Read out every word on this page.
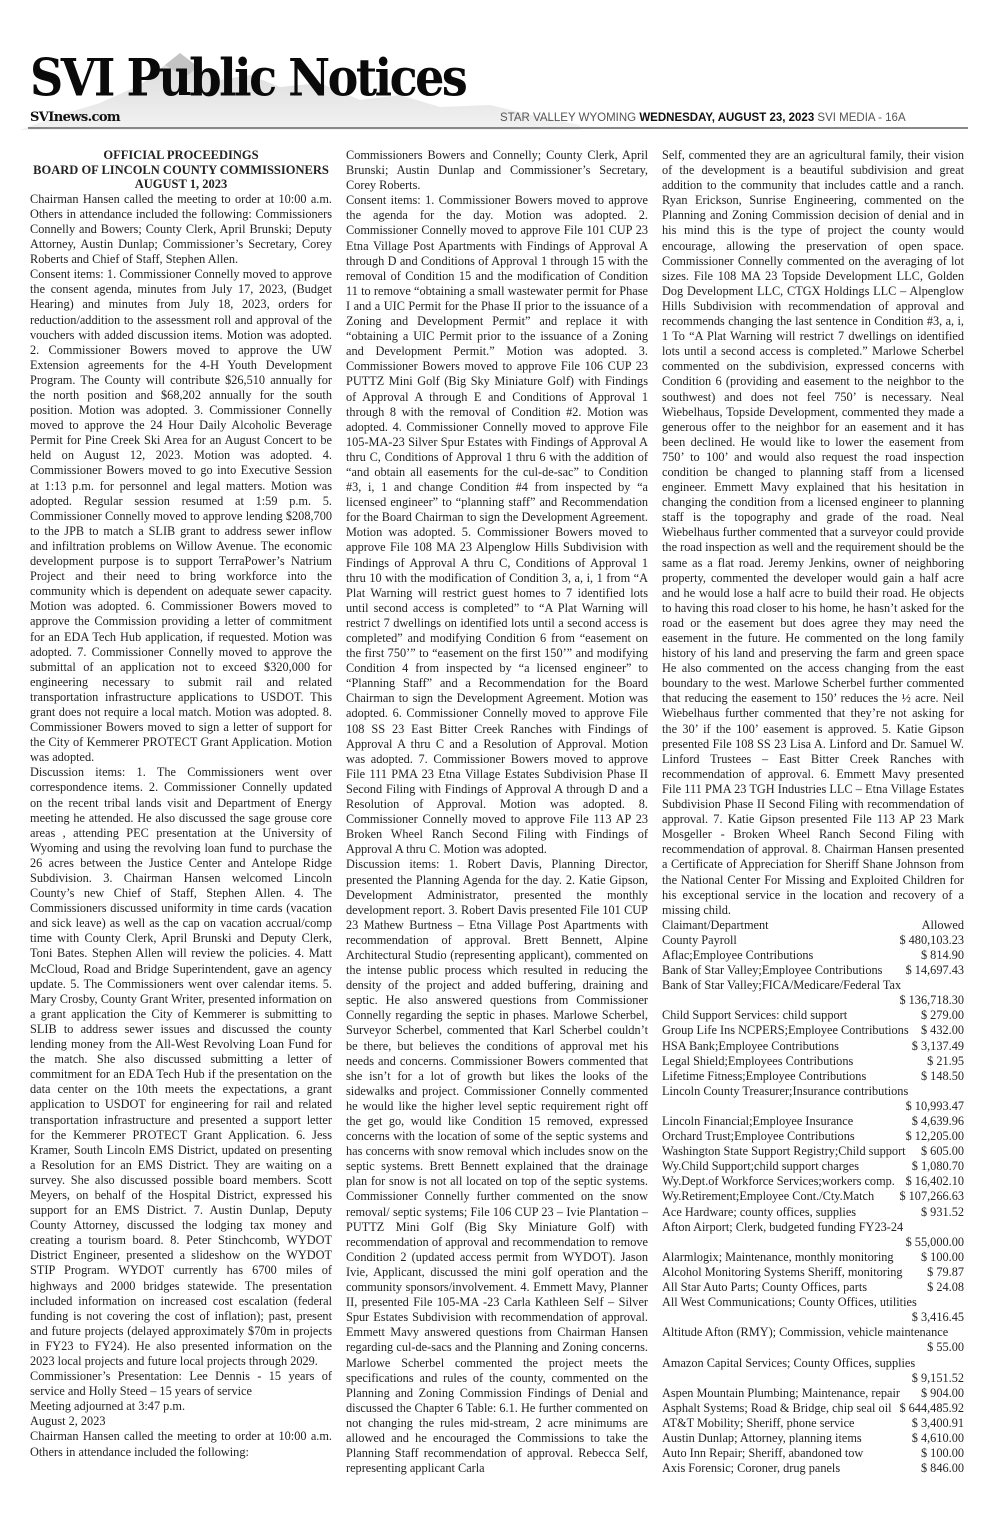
SVI Public Notices
SVInews.com	STAR VALLEY WYOMING WEDNESDAY, AUGUST 23, 2023 SVI MEDIA - 16A
OFFICIAL PROCEEDINGS
BOARD OF LINCOLN COUNTY COMMISSIONERS
AUGUST 1, 2023

Chairman Hansen called the meeting to order at 10:00 a.m. Others in attendance included the following: Commissioners Connelly and Bowers; County Clerk, April Brunski; Deputy Attorney, Austin Dunlap; Commissioner’s Secretary, Corey Roberts and Chief of Staff, Stephen Allen.

Consent items: 1. Commissioner Connelly moved to approve the consent agenda, minutes from July 17, 2023, (Budget Hearing) and minutes from July 18, 2023, orders for reduction/addition to the assessment roll and approval of the vouchers with added discussion items. Motion was adopted. 2. Commissioner Bowers moved to approve the UW Extension agreements for the 4-H Youth Development Program. The County will contribute $26,510 annually for the north position and $68,202 annually for the south position. Motion was adopted. 3. Commissioner Connelly moved to approve the 24 Hour Daily Alcoholic Beverage Permit for Pine Creek Ski Area for an August Concert to be held on August 12, 2023. Motion was adopted. 4. Commissioner Bowers moved to go into Executive Session at 1:13 p.m. for personnel and legal matters. Motion was adopted. Regular session resumed at 1:59 p.m. 5. Commissioner Connelly moved to approve lending $208,700 to the JPB to match a SLIB grant to address sewer inflow and infiltration problems on Willow Avenue. The economic development purpose is to support TerraPower’s Natrium Project and their need to bring workforce into the community which is dependent on adequate sewer capacity. Motion was adopted. 6. Commissioner Bowers moved to approve the Commission providing a letter of commitment for an EDA Tech Hub application, if requested. Motion was adopted. 7. Commissioner Connelly moved to approve the submittal of an application not to exceed $320,000 for engineering necessary to submit rail and related transportation infrastructure applications to USDOT. This grant does not require a local match. Motion was adopted. 8. Commissioner Bowers moved to sign a letter of support for the City of Kemmerer PROTECT Grant Application. Motion was adopted.

Discussion items: 1. The Commissioners went over correspondence items. 2. Commissioner Connelly updated on the recent tribal lands visit and Department of Energy meeting he attended. He also discussed the sage grouse core areas , attending PEC presentation at the University of Wyoming and using the revolving loan fund to purchase the 26 acres between the Justice Center and Antelope Ridge Subdivision. 3. Chairman Hansen welcomed Lincoln County’s new Chief of Staff, Stephen Allen. 4. The Commissioners discussed uniformity in time cards (vacation and sick leave) as well as the cap on vacation accrual/comp time with County Clerk, April Brunski and Deputy Clerk, Toni Bates. Stephen Allen will review the policies. 4. Matt McCloud, Road and Bridge Superintendent, gave an agency update. 5. The Commissioners went over calendar items. 5. Mary Crosby, County Grant Writer, presented information on a grant application the City of Kemmerer is submitting to SLIB to address sewer issues and discussed the county lending money from the All-West Revolving Loan Fund for the match. She also discussed submitting a letter of commitment for an EDA Tech Hub if the presentation on the data center on the 10th meets the expectations, a grant application to USDOT for engineering for rail and related transportation infrastructure and presented a support letter for the Kemmerer PROTECT Grant Application. 6. Jess Kramer, South Lincoln EMS District, updated on presenting a Resolution for an EMS District. They are waiting on a survey. She also discussed possible board members. Scott Meyers, on behalf of the Hospital District, expressed his support for an EMS District. 7. Austin Dunlap, Deputy County Attorney, discussed the lodging tax money and creating a tourism board. 8. Peter Stinchcomb, WYDOT District Engineer, presented a slideshow on the WYDOT STIP Program. WYDOT currently has 6700 miles of highways and 2000 bridges statewide. The presentation included information on increased cost escalation (federal funding is not covering the cost of inflation); past, present and future projects (delayed approximately $70m in projects in FY23 to FY24). He also presented information on the 2023 local projects and future local projects through 2029.

Commissioner’s Presentation: Lee Dennis - 15 years of service and Holly Steed – 15 years of service

Meeting adjourned at 3:47 p.m.

August 2, 2023

Chairman Hansen called the meeting to order at 10:00 a.m. Others in attendance included the following:

Commissioners Bowers and Connelly; County Clerk, April Brunski; Austin Dunlap and Commissioner’s Secretary, Corey Roberts.

Consent items: 1. Commissioner Bowers moved to approve the agenda for the day. Motion was adopted. 2. Commissioner Connelly moved to approve File 101 CUP 23 Etna Village Post Apartments with Findings of Approval A through D and Conditions of Approval 1 through 15 with the removal of Condition 15 and the modification of Condition 11 to remove “obtaining a small wastewater permit for Phase I and a UIC Permit for the Phase II prior to the issuance of a Zoning and Development Permit” and replace it with “obtaining a UIC Permit prior to the issuance of a Zoning and Development Permit.” Motion was adopted. 3. Commissioner Bowers moved to approve File 106 CUP 23 PUTTZ Mini Golf (Big Sky Miniature Golf) with Findings of Approval A through E and Conditions of Approval 1 through 8 with the removal of Condition #2. Motion was adopted. 4. Commissioner Connelly moved to approve File 105-MA-23 Silver Spur Estates with Findings of Approval A thru C, Conditions of Approval 1 thru 6 with the addition of “and obtain all easements for the cul-de-sac” to Condition #3, i, 1 and change Condition #4 from inspected by “a licensed engineer” to “planning staff” and Recommendation for the Board Chairman to sign the Development Agreement. Motion was adopted. 5. Commissioner Bowers moved to approve File 108 MA 23 Alpenglow Hills Subdivision with Findings of Approval A thru C, Conditions of Approval 1 thru 10 with the modification of Condition 3, a, i, 1 from “A Plat Warning will restrict guest homes to 7 identified lots until second access is completed” to “A Plat Warning will restrict 7 dwellings on identified lots until a second access is completed” and modifying Condition 6 from “easement on the first 750’” to “easement on the first 150’” and modifying Condition 4 from inspected by “a licensed engineer” to “Planning Staff” and a Recommendation for the Board Chairman to sign the Development Agreement. Motion was adopted. 6. Commissioner Connelly moved to approve File 108 SS 23 East Bitter Creek Ranches with Findings of Approval A thru C and a Resolution of Approval. Motion was adopted. 7. Commissioner Bowers moved to approve File 111 PMA 23 Etna Village Estates Subdivision Phase II Second Filing with Findings of Approval A through D and a Resolution of Approval. Motion was adopted. 8. Commissioner Connelly moved to approve File 113 AP 23 Broken Wheel Ranch Second Filing with Findings of Approval A thru C. Motion was adopted.

Discussion items: 1. Robert Davis, Planning Director, presented the Planning Agenda for the day. 2. Katie Gipson, Development Administrator, presented the monthly development report. 3. Robert Davis presented File 101 CUP 23 Mathew Burtness – Etna Village Post Apartments with recommendation of approval. Brett Bennett, Alpine Architectural Studio (representing applicant), commented on the intense public process which resulted in reducing the density of the project and added buffering, draining and septic. He also answered questions from Commissioner Connelly regarding the septic in phases. Marlowe Scherbel, Surveyor Scherbel, commented that Karl Scherbel couldn’t be there, but believes the conditions of approval met his needs and concerns. Commissioner Bowers commented that she isn’t for a lot of growth but likes the looks of the sidewalks and project. Commissioner Connelly commented he would like the higher level septic requirement right off the get go, would like Condition 15 removed, expressed concerns with the location of some of the septic systems and has concerns with snow removal which includes snow on the septic systems. Brett Bennett explained that the drainage plan for snow is not all located on top of the septic systems. Commissioner Connelly further commented on the snow removal/ septic systems; File 106 CUP 23 – Ivie Plantation – PUTTZ Mini Golf (Big Sky Miniature Golf) with recommendation of approval and recommendation to remove Condition 2 (updated access permit from WYDOT). Jason Ivie, Applicant, discussed the mini golf operation and the community sponsors/involvement. 4. Emmett Mavy, Planner II, presented File 105-MA -23 Carla Kathleen Self – Silver Spur Estates Subdivision with recommendation of approval. Emmett Mavy answered questions from Chairman Hansen regarding cul-de-sacs and the Planning and Zoning concerns. Marlowe Scherbel commented the project meets the specifications and rules of the county, commented on the Planning and Zoning Commission Findings of Denial and discussed the Chapter 6 Table: 6.1. He further commented on not changing the rules mid-stream, 2 acre minimums are allowed and he encouraged the Commissions to take the Planning Staff recommendation of approval. Rebecca Self, representing applicant Carla

Self, commented they are an agricultural family, their vision of the development is a beautiful subdivision and great addition to the community that includes cattle and a ranch. Ryan Erickson, Sunrise Engineering, commented on the Planning and Zoning Commission decision of denial and in his mind this is the type of project the county would encourage, allowing the preservation of open space. Commissioner Connelly commented on the averaging of lot sizes. File 108 MA 23 Topside Development LLC, Golden Dog Development LLC, CTGX Holdings LLC – Alpenglow Hills Subdivision with recommendation of approval and recommends changing the last sentence in Condition #3, a, i, 1 To “A Plat Warning will restrict 7 dwellings on identified lots until a second access is completed.” Marlowe Scherbel commented on the subdivision, expressed concerns with Condition 6 (providing and easement to the neighbor to the southwest) and does not feel 750’ is necessary. Neal Wiebelhaus, Topside Development, commented they made a generous offer to the neighbor for an easement and it has been declined. He would like to lower the easement from 750’ to 100’ and would also request the road inspection condition be changed to planning staff from a licensed engineer. Emmett Mavy explained that his hesitation in changing the condition from a licensed engineer to planning staff is the topography and grade of the road. Neal Wiebelhaus further commented that a surveyor could provide the road inspection as well and the requirement should be the same as a flat road. Jeremy Jenkins, owner of neighboring property, commented the developer would gain a half acre and he would lose a half acre to build their road. He objects to having this road closer to his home, he hasn’t asked for the road or the easement but does agree they may need the easement in the future. He commented on the long family history of his land and preserving the farm and green space He also commented on the access changing from the east boundary to the west. Marlowe Scherbel further commented that reducing the easement to 150’ reduces the ½ acre. Neil Wiebelhaus further commented that they’re not asking for the 30’ if the 100’ easement is approved. 5. Katie Gipson presented File 108 SS 23 Lisa A. Linford and Dr. Samuel W. Linford Trustees – East Bitter Creek Ranches with recommendation of approval. 6. Emmett Mavy presented File 111 PMA 23 TGH Industries LLC – Etna Village Estates Subdivision Phase II Second Filing with recommendation of approval. 7. Katie Gipson presented File 113 AP 23 Mark Mosgeller - Broken Wheel Ranch Second Filing with recommendation of approval. 8. Chairman Hansen presented a Certificate of Appreciation for Sheriff Shane Johnson from the National Center For Missing and Exploited Children for his exceptional service in the location and recovery of a missing child.

Claimant/Department	Allowed
County Payroll	$ 480,103.23
Aflac;Employee Contributions	$ 814.90
Bank of Star Valley;Employee Contributions	$ 14,697.43
Bank of Star Valley;FICA/Medicare/Federal Tax
$ 136,718.30
Child Support Services: child support	$ 279.00
Group Life Ins NCPERS;Employee Contributions	$ 432.00
HSA Bank;Employee Contributions	$ 3,137.49
Legal Shield;Employees Contributions	$ 21.95
Lifetime Fitness;Employee Contributions	$ 148.50
Lincoln County Treasurer;Insurance contributions
$ 10,993.47
Lincoln Financial;Employee Insurance	$ 4,639.96
Orchard Trust;Employee Contributions	$ 12,205.00
Washington State Support Registry;Child support	$ 605.00
Wy.Child Support;child support charges	$ 1,080.70
Wy.Dept.of Workforce Services;workers comp. $ 16,402.10
Wy.Retirement;Employee Cont./Cty.Match	$ 107,266.63
Ace Hardware; county offices, supplies	$ 931.52
Afton Airport; Clerk, budgeted funding FY23-24
$ 55,000.00
Alarmlogix; Maintenance, monthly monitoring	$ 100.00
Alcohol Monitoring Systems Sheriff, monitoring	$ 79.87
All Star Auto Parts; County Offices, parts	$ 24.08
All West Communications; County Offices, utilities
$ 3,416.45
Altitude Afton (RMY); Commission, vehicle maintenance
$ 55.00
Amazon Capital Services; County Offices, supplies
$ 9,151.52
Aspen Mountain Plumbing; Maintenance, repair	$ 904.00
Asphalt Systems; Road & Bridge, chip seal oil $ 644,485.92
AT&T Mobility; Sheriff, phone service	$ 3,400.91
Austin Dunlap; Attorney, planning items	$ 4,610.00
Auto Inn Repair; Sheriff, abandoned tow	$ 100.00
Axis Forensic; Coroner, drug panels	$ 846.00
